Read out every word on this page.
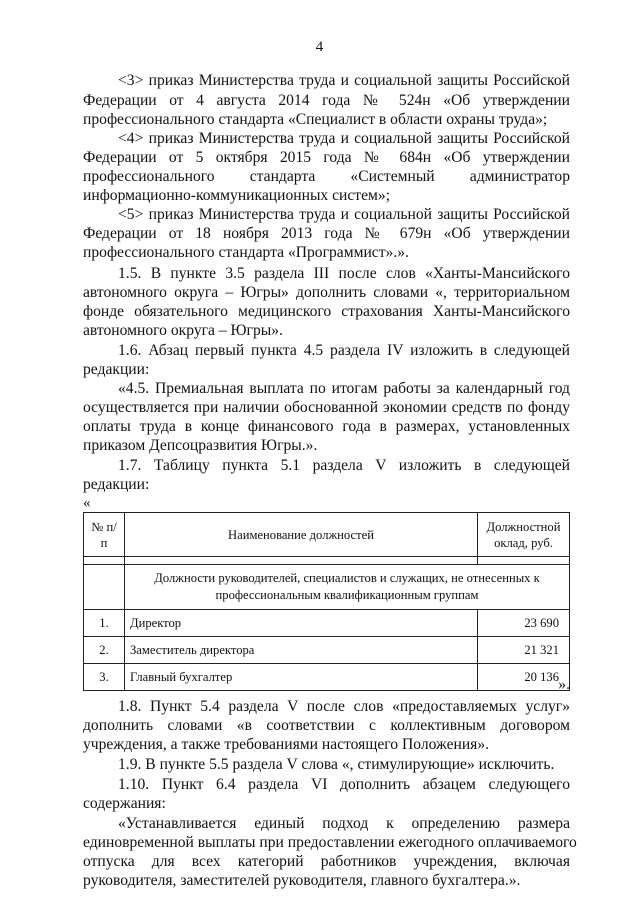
4
<3> приказ Министерства труда и социальной защиты Российской
Федерации от 4 августа 2014 года № 524н «Об утверждении
профессионального стандарта «Специалист в области охраны труда»;
<4> приказ Министерства труда и социальной защиты Российской
Федерации от 5 октября 2015 года № 684н «Об утверждении
профессионального стандарта «Системный администратор
информационно-коммуникационных систем»;
<5> приказ Министерства труда и социальной защиты Российской
Федерации от 18 ноября 2013 года № 679н «Об утверждении
профессионального стандарта «Программист».».
1.5. В пункте 3.5 раздела III после слов «Ханты-Мансийского
автономного округа – Югры» дополнить словами «, территориальном
фонде обязательного медицинского страхования Ханты-Мансийского
автономного округа – Югры».
1.6. Абзац первый пункта 4.5 раздела IV изложить в следующей
редакции:
«4.5. Премиальная выплата по итогам работы за календарный год
осуществляется при наличии обоснованной экономии средств по фонду
оплаты труда в конце финансового года в размерах, установленных
приказом Депсоцразвития Югры.».
1.7. Таблицу пункта 5.1 раздела V изложить в следующей
редакции:
«
№ п/п	Наименование должностей	Должностной оклад, руб.

	Должности руководителей, специалистов и служащих, не отнесенных к профессиональным квалификационным группам	
1.	Директор	23 690
2.	Заместитель директора	21 321
3.	Главный бухгалтер	20 136 ».
1.8. Пункт 5.4 раздела V после слов «предоставляемых услуг»
дополнить словами «в соответствии с коллективным договором
учреждения, а также требованиями настоящего Положения».
1.9. В пункте 5.5 раздела V слова «, стимулирующие» исключить.
1.10. Пункт 6.4 раздела VI дополнить абзацем следующего
содержания:
«Устанавливается единый подход к определению размера
единовременной выплаты при предоставлении ежегодного оплачиваемого
отпуска для всех категорий работников учреждения, включая
руководителя, заместителей руководителя, главного бухгалтера.».
